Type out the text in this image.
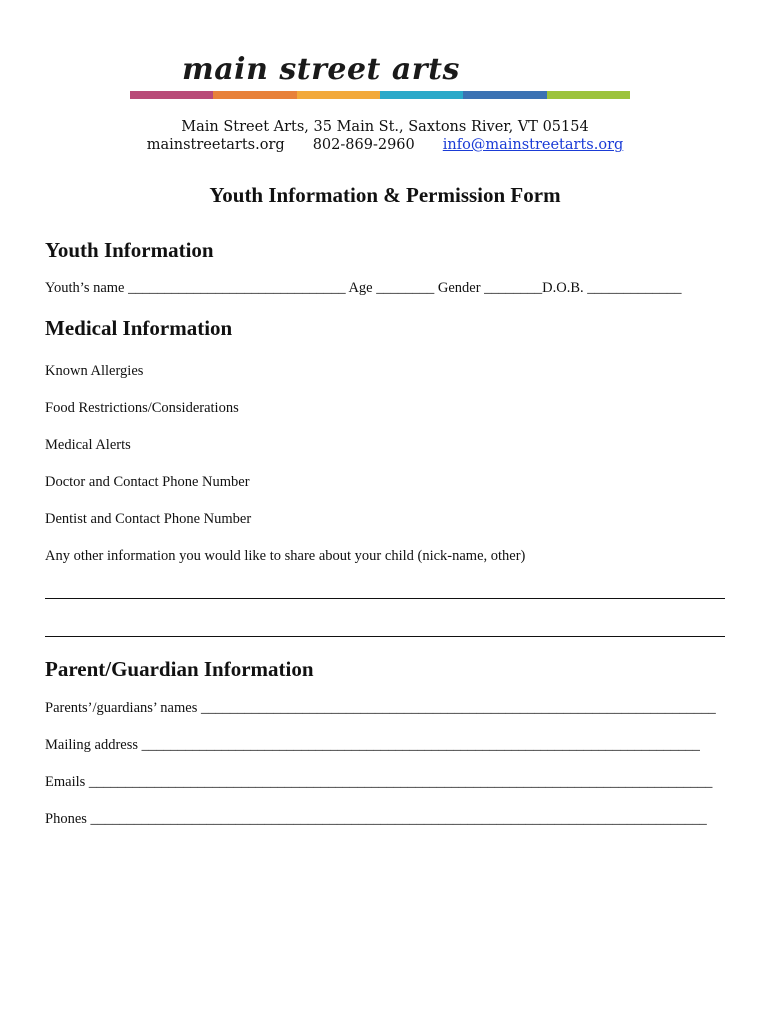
main street arts
Main Street Arts, 35 Main St., Saxtons River, VT 05154
mainstreetarts.org 802-869-2960 info@mainstreetarts.org
Youth Information & Permission Form
Youth Information
Youth’s name ______________________________ Age ________ Gender ________D.O.B. _____________
Medical Information
Known Allergies
Food Restrictions/Considerations
Medical Alerts
Doctor and Contact Phone Number
Dentist and Contact Phone Number
Any other information you would like to share about your child (nick-name, other)
Parent/Guardian Information
Parents’/guardians’ names _______________________________________________________________________
Mailing address _____________________________________________________________________________
Emails ______________________________________________________________________________________
Phones _____________________________________________________________________________________
